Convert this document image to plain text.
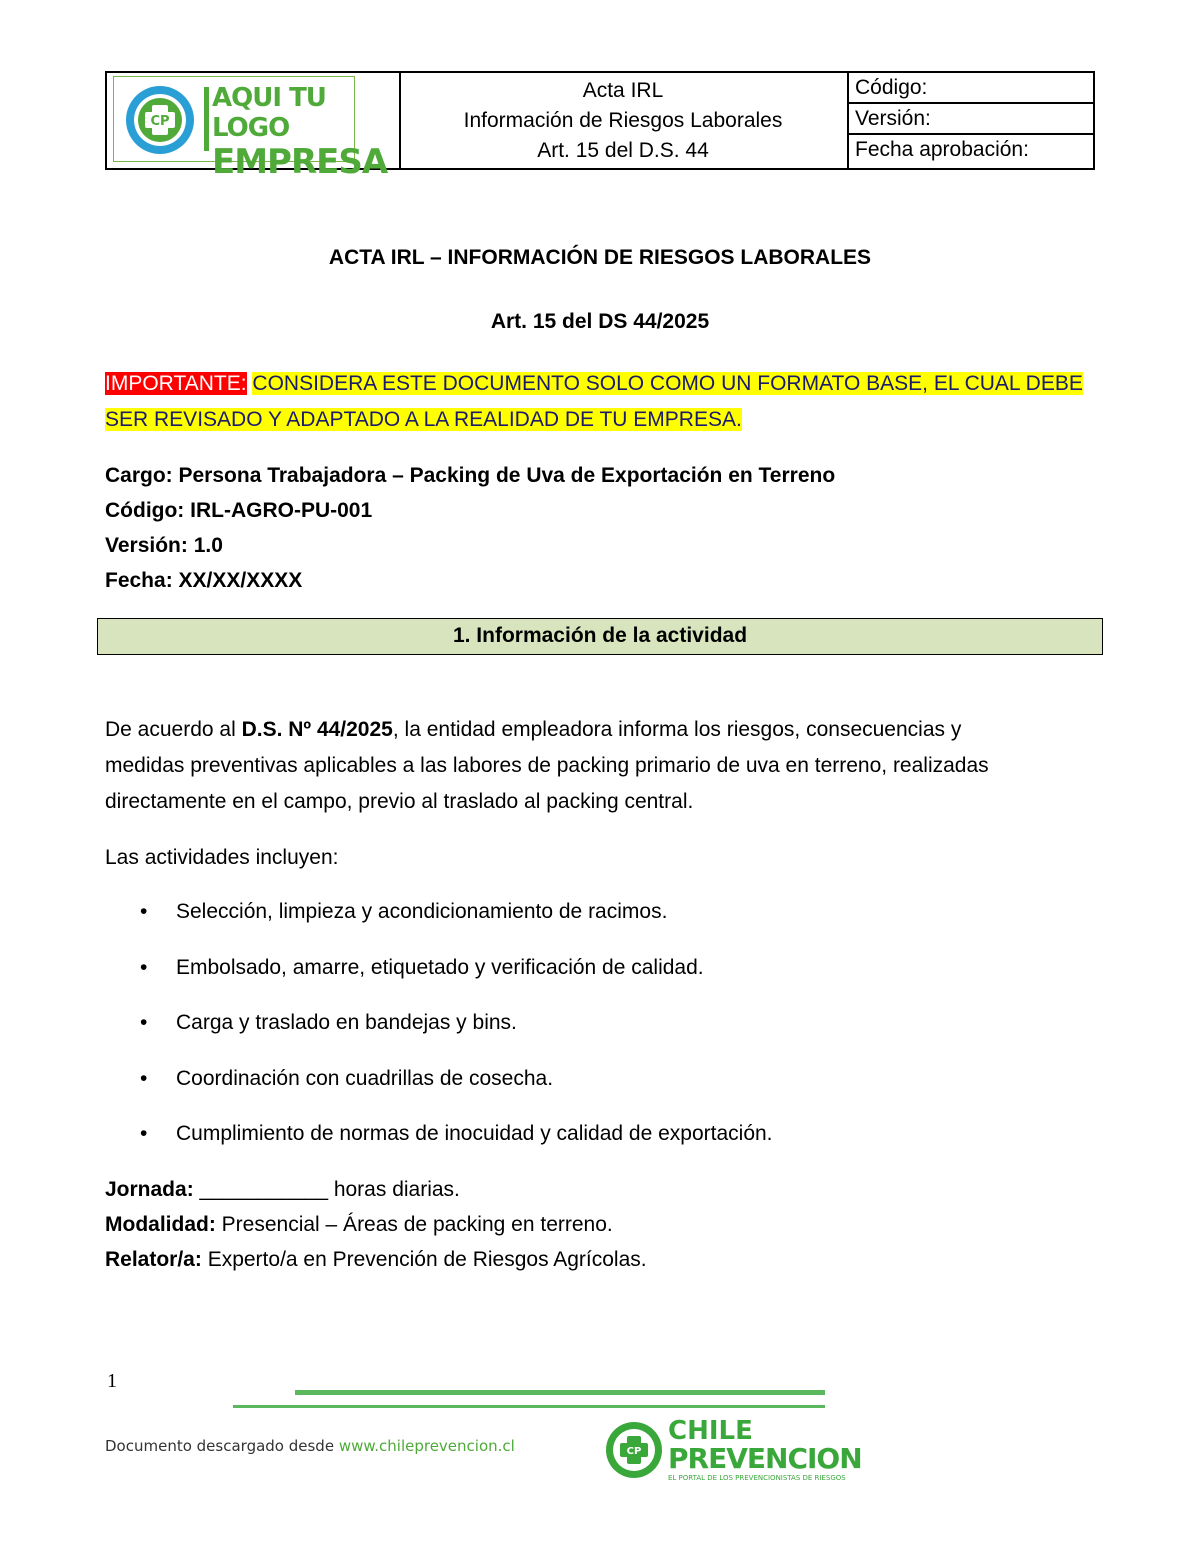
CP
AQUI TU LOGO
EMPRESA
Acta IRL
Información de Riesgos Laborales
Art. 15 del D.S. 44
Código:
Versión:
Fecha aprobación:
ACTA IRL – INFORMACIÓN DE RIESGOS LABORALES
Art. 15 del DS 44/2025
IMPORTANTE: CONSIDERA ESTE DOCUMENTO SOLO COMO UN FORMATO BASE, EL CUAL DEBE
SER REVISADO Y ADAPTADO A LA REALIDAD DE TU EMPRESA.
Cargo: Persona Trabajadora – Packing de Uva de Exportación en Terreno
Código: IRL-AGRO-PU-001
Versión: 1.0
Fecha: XX/XX/XXXX
1. Información de la actividad
De acuerdo al D.S. Nº 44/2025, la entidad empleadora informa los riesgos, consecuencias y
medidas preventivas aplicables a las labores de packing primario de uva en terreno, realizadas
directamente en el campo, previo al traslado al packing central.
Las actividades incluyen:
• Selección, limpieza y acondicionamiento de racimos.
• Embolsado, amarre, etiquetado y verificación de calidad.
• Carga y traslado en bandejas y bins.
• Coordinación con cuadrillas de cosecha.
• Cumplimiento de normas de inocuidad y calidad de exportación.
Jornada: ___________ horas diarias.
Modalidad: Presencial – Áreas de packing en terreno.
Relator/a: Experto/a en Prevención de Riesgos Agrícolas.
1
Documento descargado desde www.chileprevencion.cl	CP
CHILE
PREVENCION
EL PORTAL DE LOS PREVENCIONISTAS DE RIESGOS
